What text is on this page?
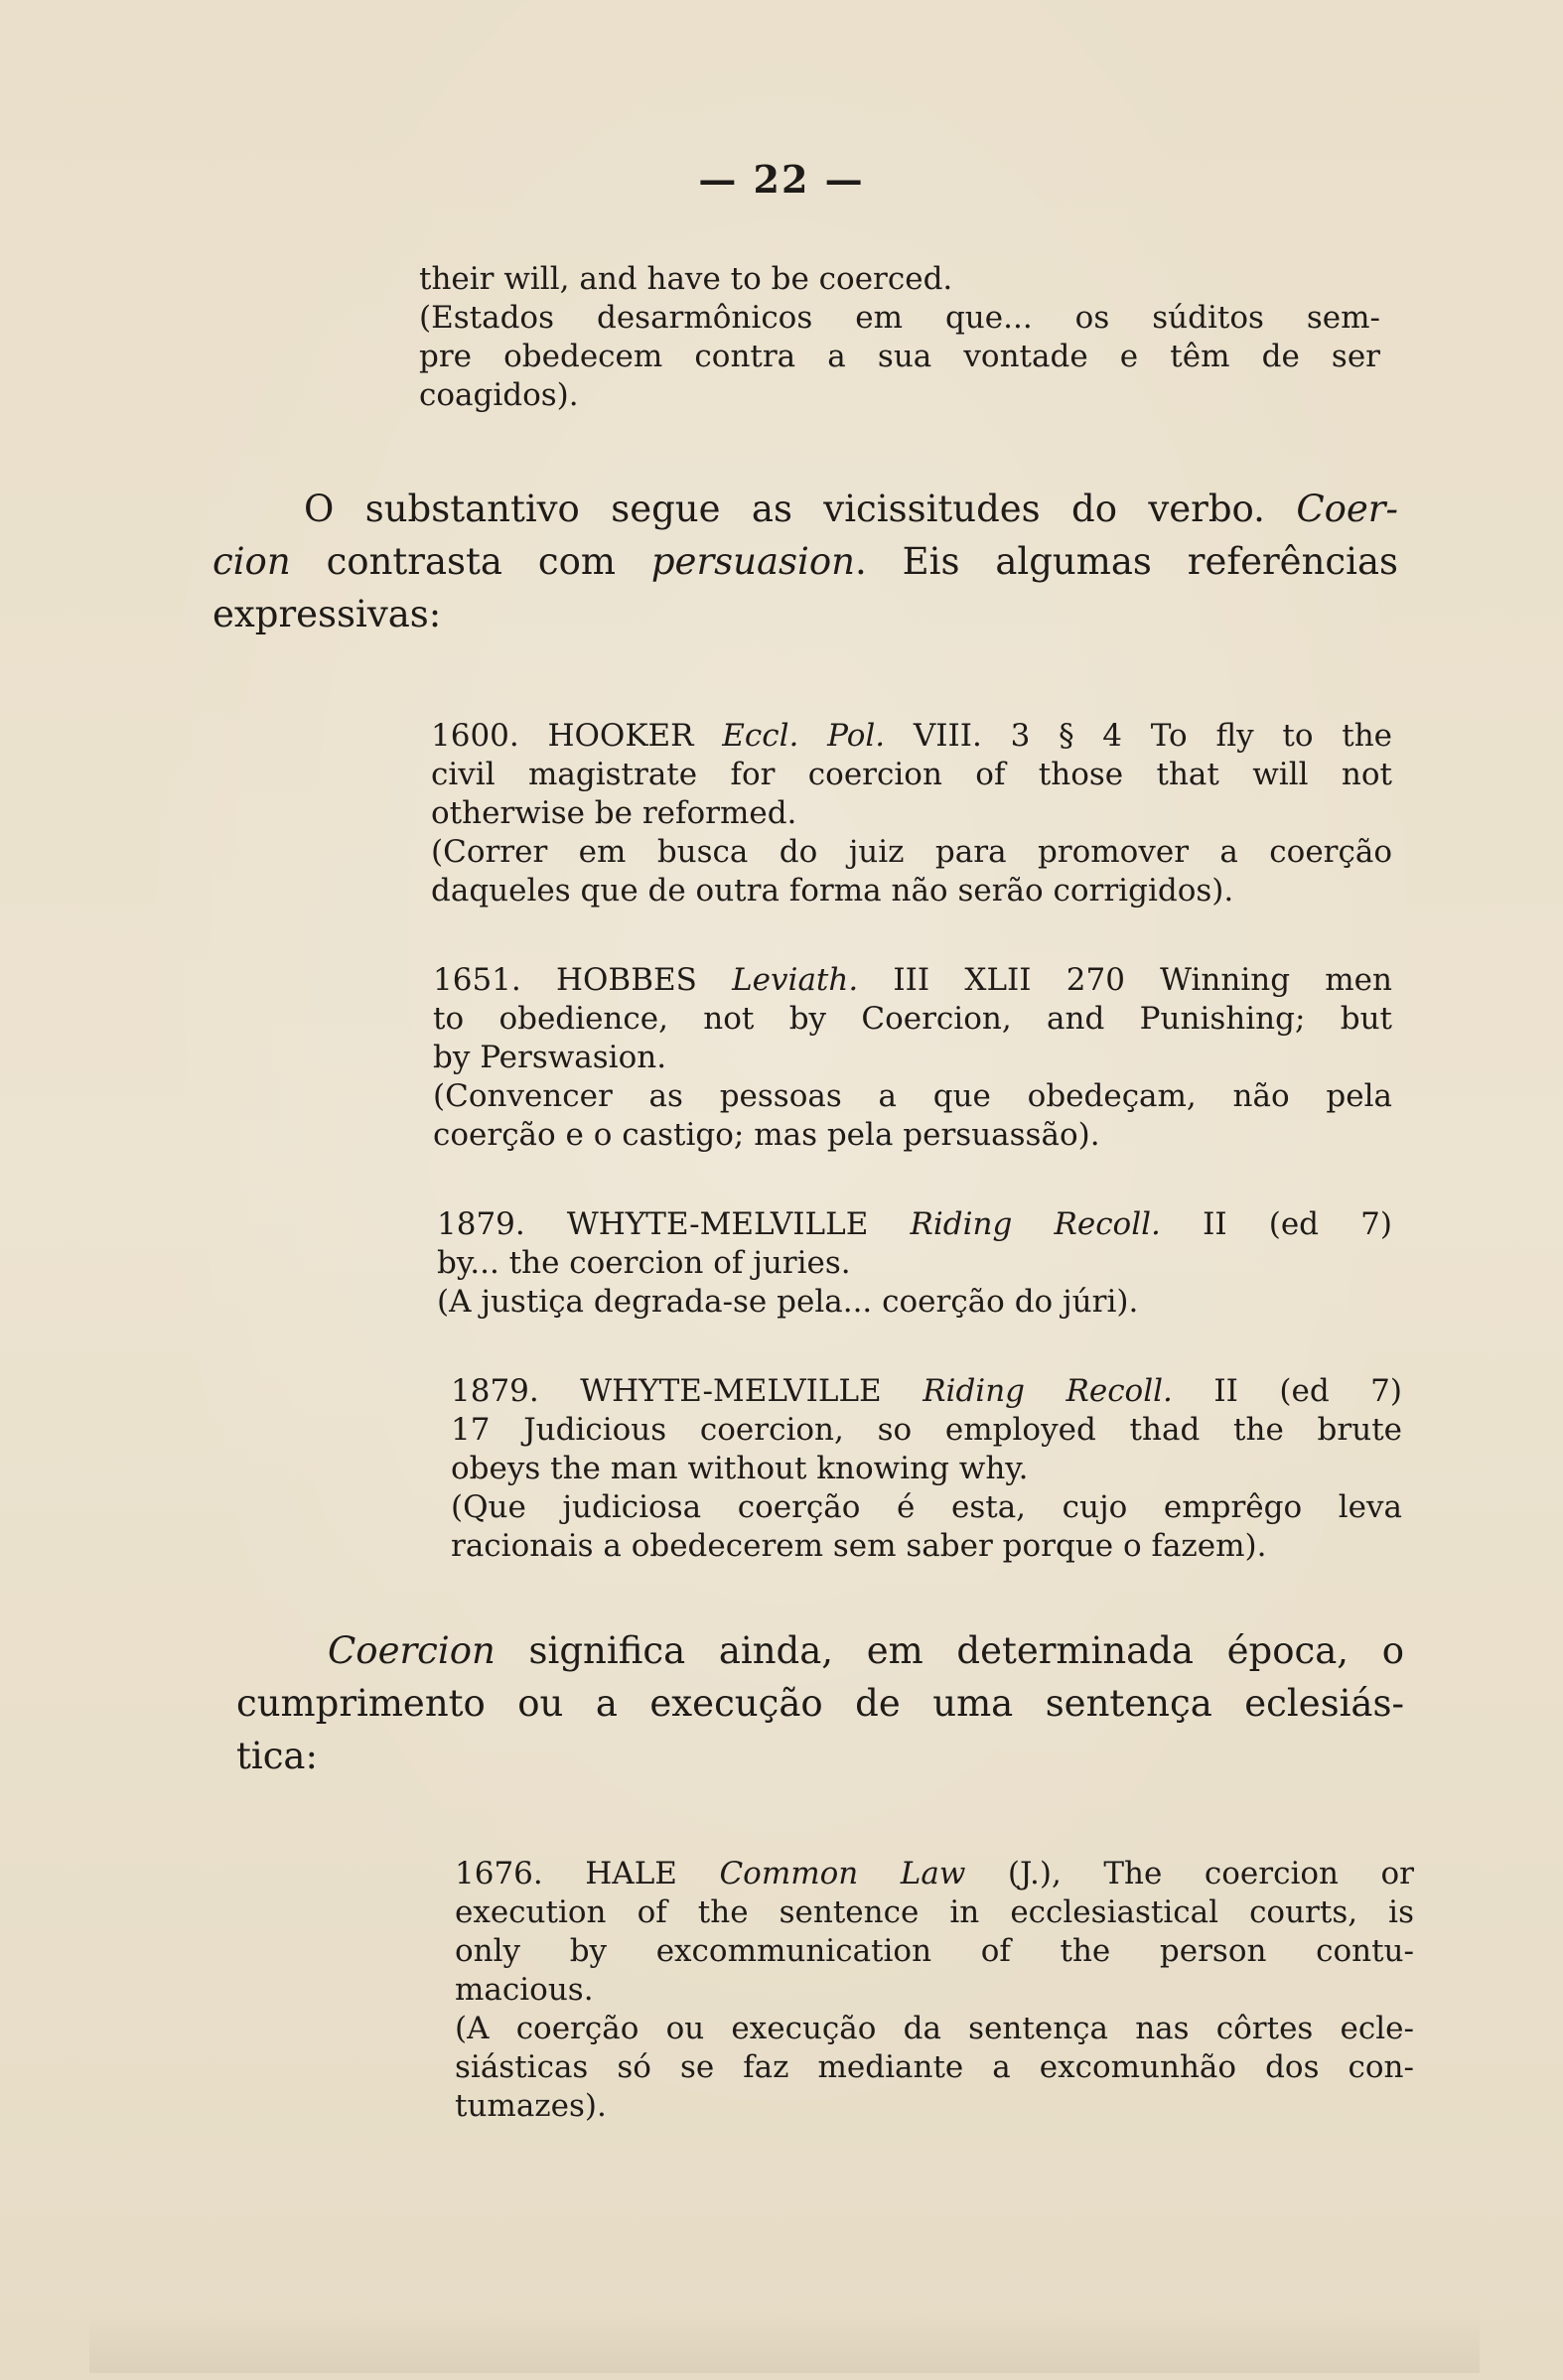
— 22 —
their will, and have to be coerced.
(Estados desarmônicos em que... os súditos sem-
pre obedecem contra a sua vontade e têm de ser
coagidos).
O substantivo segue as vicissitudes do verbo. Coer-
cion contrasta com persuasion. Eis algumas referências
expressivas:
1600. HOOKER Eccl. Pol. VIII. 3 § 4 To fly to the
civil magistrate for coercion of those that will not
otherwise be reformed.
(Correr em busca do juiz para promover a coerção
daqueles que de outra forma não serão corrigidos).
1651. HOBBES Leviath. III XLII 270 Winning men
to obedience, not by Coercion, and Punishing; but
by Perswasion.
(Convencer as pessoas a que obedeçam, não pela
coerção e o castigo; mas pela persuassão).
1879. WHYTE-MELVILLE Riding Recoll. II (ed 7)
by... the coercion of juries.
(A justiça degrada-se pela... coerção do júri).
1879. WHYTE-MELVILLE Riding Recoll. II (ed 7)
17 Judicious coercion, so employed thad the brute
obeys the man without knowing why.
(Que judiciosa coerção é esta, cujo emprêgo leva
racionais a obedecerem sem saber porque o fazem).
Coercion significa ainda, em determinada época, o
cumprimento ou a execução de uma sentença eclesiás-
tica:
1676. HALE Common Law (J.), The coercion or
execution of the sentence in ecclesiastical courts, is
only by excommunication of the person contu-
macious.
(A coerção ou execução da sentença nas côrtes ecle-
siásticas só se faz mediante a excomunhão dos con-
tumazes).
